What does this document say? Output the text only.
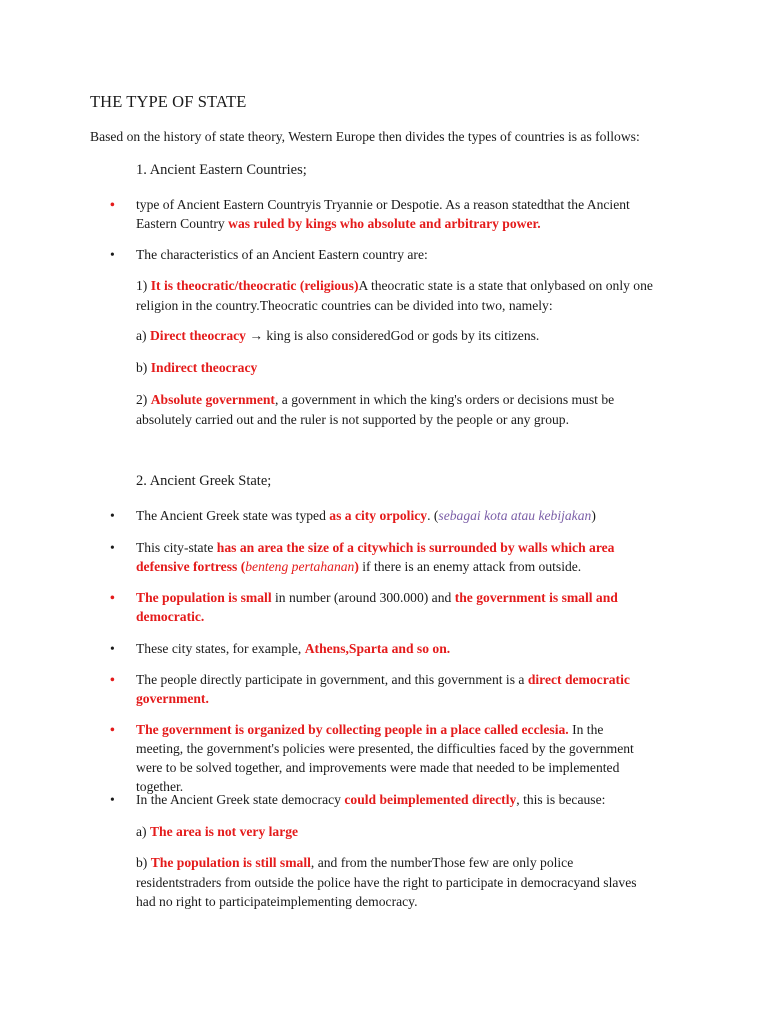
THE TYPE OF STATE

Based on the history of state theory, Western Europe then divides the types of countries is as follows:

1. Ancient Eastern Countries;
• type of Ancient Eastern Countryis Tryannie or Despotie. As a reason statedthat the Ancient Eastern Country was ruled by kings who absolute and arbitrary power.
• The characteristics of an Ancient Eastern country are:

1) It is theocratic/theocratic (religious)A theocratic state is a state that onlybased on only one religion in the country.Theocratic countries can be divided into two, namely:

a) Direct theocracy → king is also consideredGod or gods by its citizens.

b) Indirect theocracy

2) Absolute government, a government in which the king's orders or decisions must be absolutely carried out and the ruler is not supported by the people or any group.

2. Ancient Greek State;
• The Ancient Greek state was typed as a city orpolicy. (sebagai kota atau kebijakan)
• This city-state has an area the size of a citywhich is surrounded by walls which area defensive fortress (benteng pertahanan) if there is an enemy attack from outside.
• The population is small in number (around 300.000) and the government is small and democratic.
• These city states, for example, Athens,Sparta and so on.
• The people directly participate in government, and this government is a direct democratic government.
• The government is organized by collecting people in a place called ecclesia. In the meeting, the government's policies were presented, the difficulties faced by the government were to be solved together, and improvements were made that needed to be implemented together.
• In the Ancient Greek state democracy could beimplemented directly, this is because:

a) The area is not very large

b) The population is still small, and from the numberThose few are only police residentstraders from outside the police have the right to participate in democracyand slaves had no right to participateimplementing democracy.
